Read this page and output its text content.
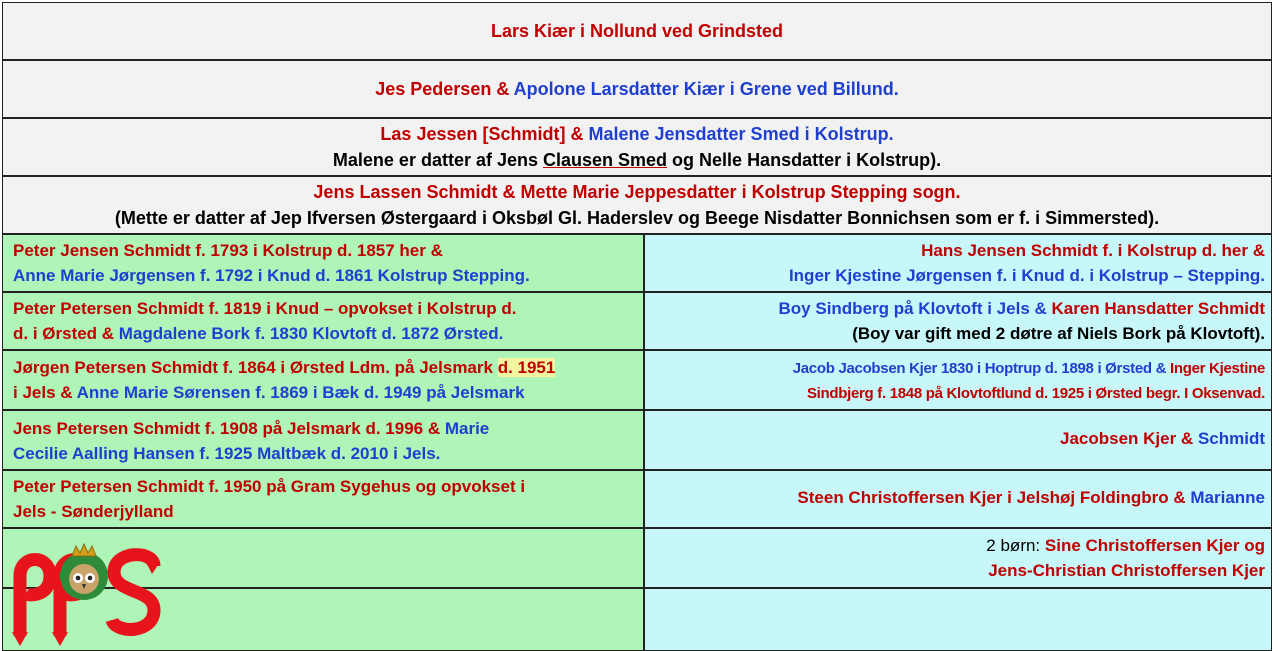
Lars Kiær i Nollund ved Grindsted
Jes Pedersen & Apolone Larsdatter Kiær i Grene ved Billund.
Las Jessen [Schmidt] & Malene Jensdatter Smed i Kolstrup.
Malene er datter af Jens Clausen Smed og Nelle Hansdatter i Kolstrup).
Jens Lassen Schmidt & Mette Marie Jeppesdatter i Kolstrup Stepping sogn.
(Mette er datter af Jep Ifversen Østergaard i Oksbøl Gl. Haderslev og Beege Nisdatter Bonnichsen som er f. i Simmersted).
Peter Jensen Schmidt f. 1793 i Kolstrup d. 1857 her &
Anne Marie Jørgensen f. 1792 i Knud d. 1861 Kolstrup Stepping.
Peter Petersen Schmidt f. 1819 i Knud – opvokset i Kolstrup d.
d. i Ørsted & Magdalene Bork f. 1830 Klovtoft d. 1872 Ørsted.
Jørgen Petersen Schmidt f. 1864 i Ørsted Ldm. på Jelsmark d. 1951
i Jels & Anne Marie Sørensen f. 1869 i Bæk d. 1949 på Jelsmark
Jens Petersen Schmidt f. 1908 på Jelsmark d. 1996 & Marie
Cecilie Aalling Hansen f. 1925 Maltbæk d. 2010 i Jels.
Peter Petersen Schmidt f. 1950 på Gram Sygehus og opvokset i
Jels - Sønderjylland
Hans Jensen Schmidt f. i Kolstrup d. her &
Inger Kjestine Jørgensen f. i Knud d. i Kolstrup – Stepping.
Boy Sindberg på Klovtoft i Jels & Karen Hansdatter Schmidt
(Boy var gift med 2 døtre af Niels Bork på Klovtoft).
Jacob Jacobsen Kjer 1830 i Hoptrup d. 1898 i Ørsted & Inger Kjestine
Sindbjerg f. 1848 på Klovtoftlund d. 1925 i Ørsted begr. I Oksenvad.
Jacobsen Kjer & Schmidt
Steen Christoffersen Kjer i Jelshøj Foldingbro & Marianne
2 børn: Sine Christoffersen Kjer og
Jens-Christian Christoffersen Kjer
